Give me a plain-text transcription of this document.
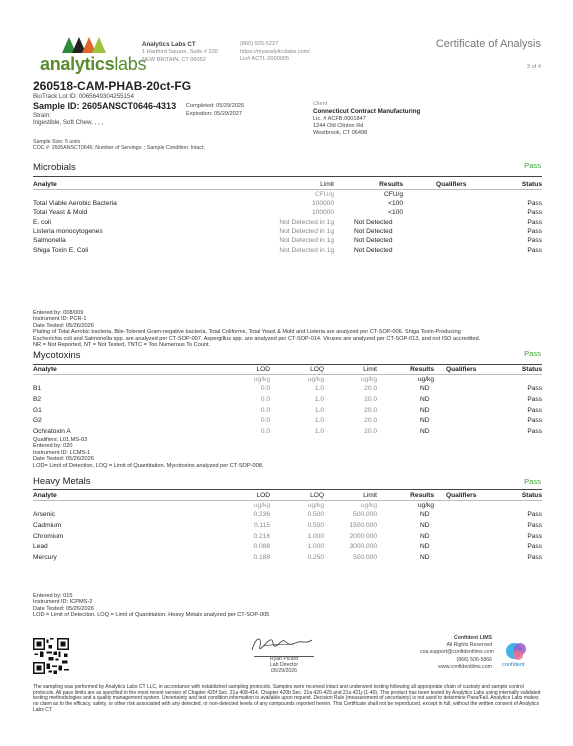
analyticslabs
Analytics Labs CT
1 Hartford Square, Suite # 230
NEW BRITAIN, CT 06052
(860) 925-5227
https://myanalyticslabs.com/
Lic# ACTL.0000005
Certificate of Analysis
3 of 4
260518-CAM-PHAB-20ct-FG
BioTrack Lot ID: 0065649304255154
Sample ID: 2605ANSCT0646-4313
Strain:
Ingestible, Soft Chew, , , ,
Completed: 05/29/2026
Expiration: 05/29/2027
Client
Connecticut Contract Manufacturing
Lic. # ACFB.0001847
1244 Old Clinton Rd
Westbrook, CT 06498
Sample Size: 5 units
COC #: 2605ANSCT0646; Number of Servings: ; Sample Condition: Intact;
Microbials	Pass
Analyte	Limit	Results	Qualifiers	Status
CFU/g	CFU/g
Total Viable Aerobic Bacteria	100000	<100	Pass
Total Yeast & Mold	100000	<100	Pass
E. coli	Not Detected in 1g	Not Detected	Pass
Listeria monocytogenes	Not Detected in 1g	Not Detected	Pass
Salmonella	Not Detected in 1g	Not Detected	Pass
Shiga Toxin E. Coli	Not Detected in 1g	Not Detected	Pass
Entered by: 008/009
Instrument ID: PCR-1
Date Tested: 05/26/2026
Plating of Total Aerobic bacteria, Bile-Tolerant Gram-negative bacteria, Total Coliforms, Total Yeast & Mold and Listeria are analyzed per CT-SOP-006. Shiga Toxin-Producing
Escherichia coli and Salmonella spp. are analyzed per CT-SOP-007. Aspergillus spp. are analyzed per CT-SOP-014. Viruses are analyzed per CT-SOP-013, and not ISO accredited.
NR = Not Reported, NT = Not Tested, TNTC = Too Numerous To Count.
Mycotoxins	Pass
Analyte	LOD	LOQ	Limit	Results Qualifiers	Status
ug/kg	ug/kg	ug/kg	ug/kg
B1	0.0	1.0	20.0	ND	Pass
B2	0.0	1.0	20.0	ND	Pass
G1	0.0	1.0	20.0	ND	Pass
G2	0.0	1.0	20.0	ND	Pass
Ochratoxin A	0.0	1.0	20.0	ND	Pass
Qualifiers: L01,MS-03
Entered by: 020
Instrument ID: LCMS-1
Date Tested: 05/26/2026
LOD= Limit of Detection, LOQ = Limit of Quantitation. Mycotoxins analyzed per CT-SOP-008.
Heavy Metals	Pass
Analyte	LOD	LOQ	Limit	Results Qualifiers	Status
ug/kg	ug/kg	ug/kg	ug/kg
Arsenic	0.236	0.500	500.000	ND	Pass
Cadmium	0.115	0.500	1500.000	ND	Pass
Chromium	0.216	1.000	2000.000	ND	Pass
Lead	0.088	1.000	3000.000	ND	Pass
Mercury	0.188	0.250	500.000	ND	Pass
Entered by: 015
Instrument ID: ICPMS-2
Date Tested: 05/26/2026
LOD = Limit of Detection. LOQ = Limit of Quantitation. Heavy Metals analyzed per CT-SOP-005
Ryan Picard
Lab Director
05/29/2026
Confident LIMS
All Rights Reserved
coa.support@confidentlims.com
(866) 506-5866
www.confidentlims.com confident
The sampling was performed by Analytics Labs CT LLC, in accordance with established sampling protocols. Samples were received intact and underwent testing following all appropriate chain of custody and sample control protocols. All pass limits are as specified in the most recent version of Chapter 420f Sec. 21a 408-414, Chapter 420b Sec. 21a 420-429 and 21a 421j-(1-40). This product has been tested by Analytics Labs using internally validated testing methodologies and a quality management system. Uncertainty and test condition information is available upon request. Decision Rule (measurement of uncertainty) is not used to determine Pass/Fail. Analytics Labs makes no claim as to the efficacy, safety, or other risk associated with any detected, or non-detected levels of any compounds reported herein. This Certificate shall not be reproduced, except in full, without the written consent of Analytics Labs CT.
